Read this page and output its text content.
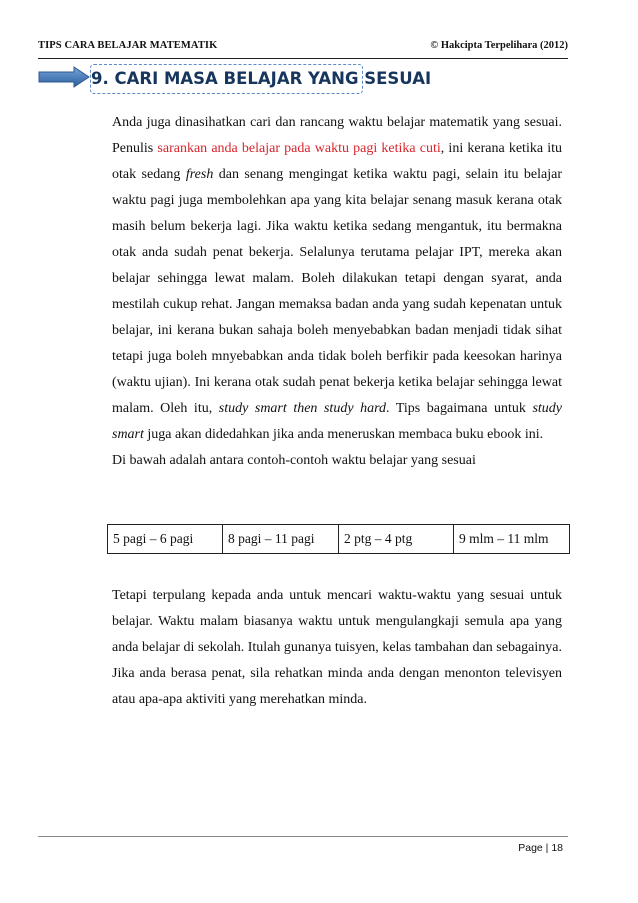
TIPS CARA BELAJAR MATEMATIK	© Hakcipta Terpelihara (2012)
9. CARI MASA BELAJAR YANG SESUAI

Anda juga dinasihatkan cari dan rancang waktu belajar matematik yang sesuai. Penulis sarankan anda belajar pada waktu pagi ketika cuti, ini kerana ketika itu otak sedang fresh dan senang mengingat ketika waktu pagi, selain itu belajar waktu pagi juga membolehkan apa yang kita belajar senang masuk kerana otak masih belum bekerja lagi. Jika waktu ketika sedang mengantuk, itu bermakna otak anda sudah penat bekerja. Selalunya terutama pelajar IPT, mereka akan belajar sehingga lewat malam. Boleh dilakukan tetapi dengan syarat, anda mestilah cukup rehat. Jangan memaksa badan anda yang sudah kepenatan untuk belajar, ini kerana bukan sahaja boleh menyebabkan badan menjadi tidak sihat tetapi juga boleh mnyebabkan anda tidak boleh berfikir pada keesokan harinya (waktu ujian). Ini kerana otak sudah penat bekerja ketika belajar sehingga lewat malam. Oleh itu, study smart then study hard. Tips bagaimana untuk study smart juga akan didedahkan jika anda meneruskan membaca buku ebook ini.

Di bawah adalah antara contoh-contoh waktu belajar yang sesuai

5 pagi – 6 pagi	8 pagi – 11 pagi	2 ptg – 4 ptg	9 mlm – 11 mlm

Tetapi terpulang kepada anda untuk mencari waktu-waktu yang sesuai untuk belajar. Waktu malam biasanya waktu untuk mengulangkaji semula apa yang anda belajar di sekolah. Itulah gunanya tuisyen, kelas tambahan dan sebagainya. Jika anda berasa penat, sila rehatkan minda anda dengan menonton televisyen atau apa-apa aktiviti yang merehatkan minda.

Page | 18
